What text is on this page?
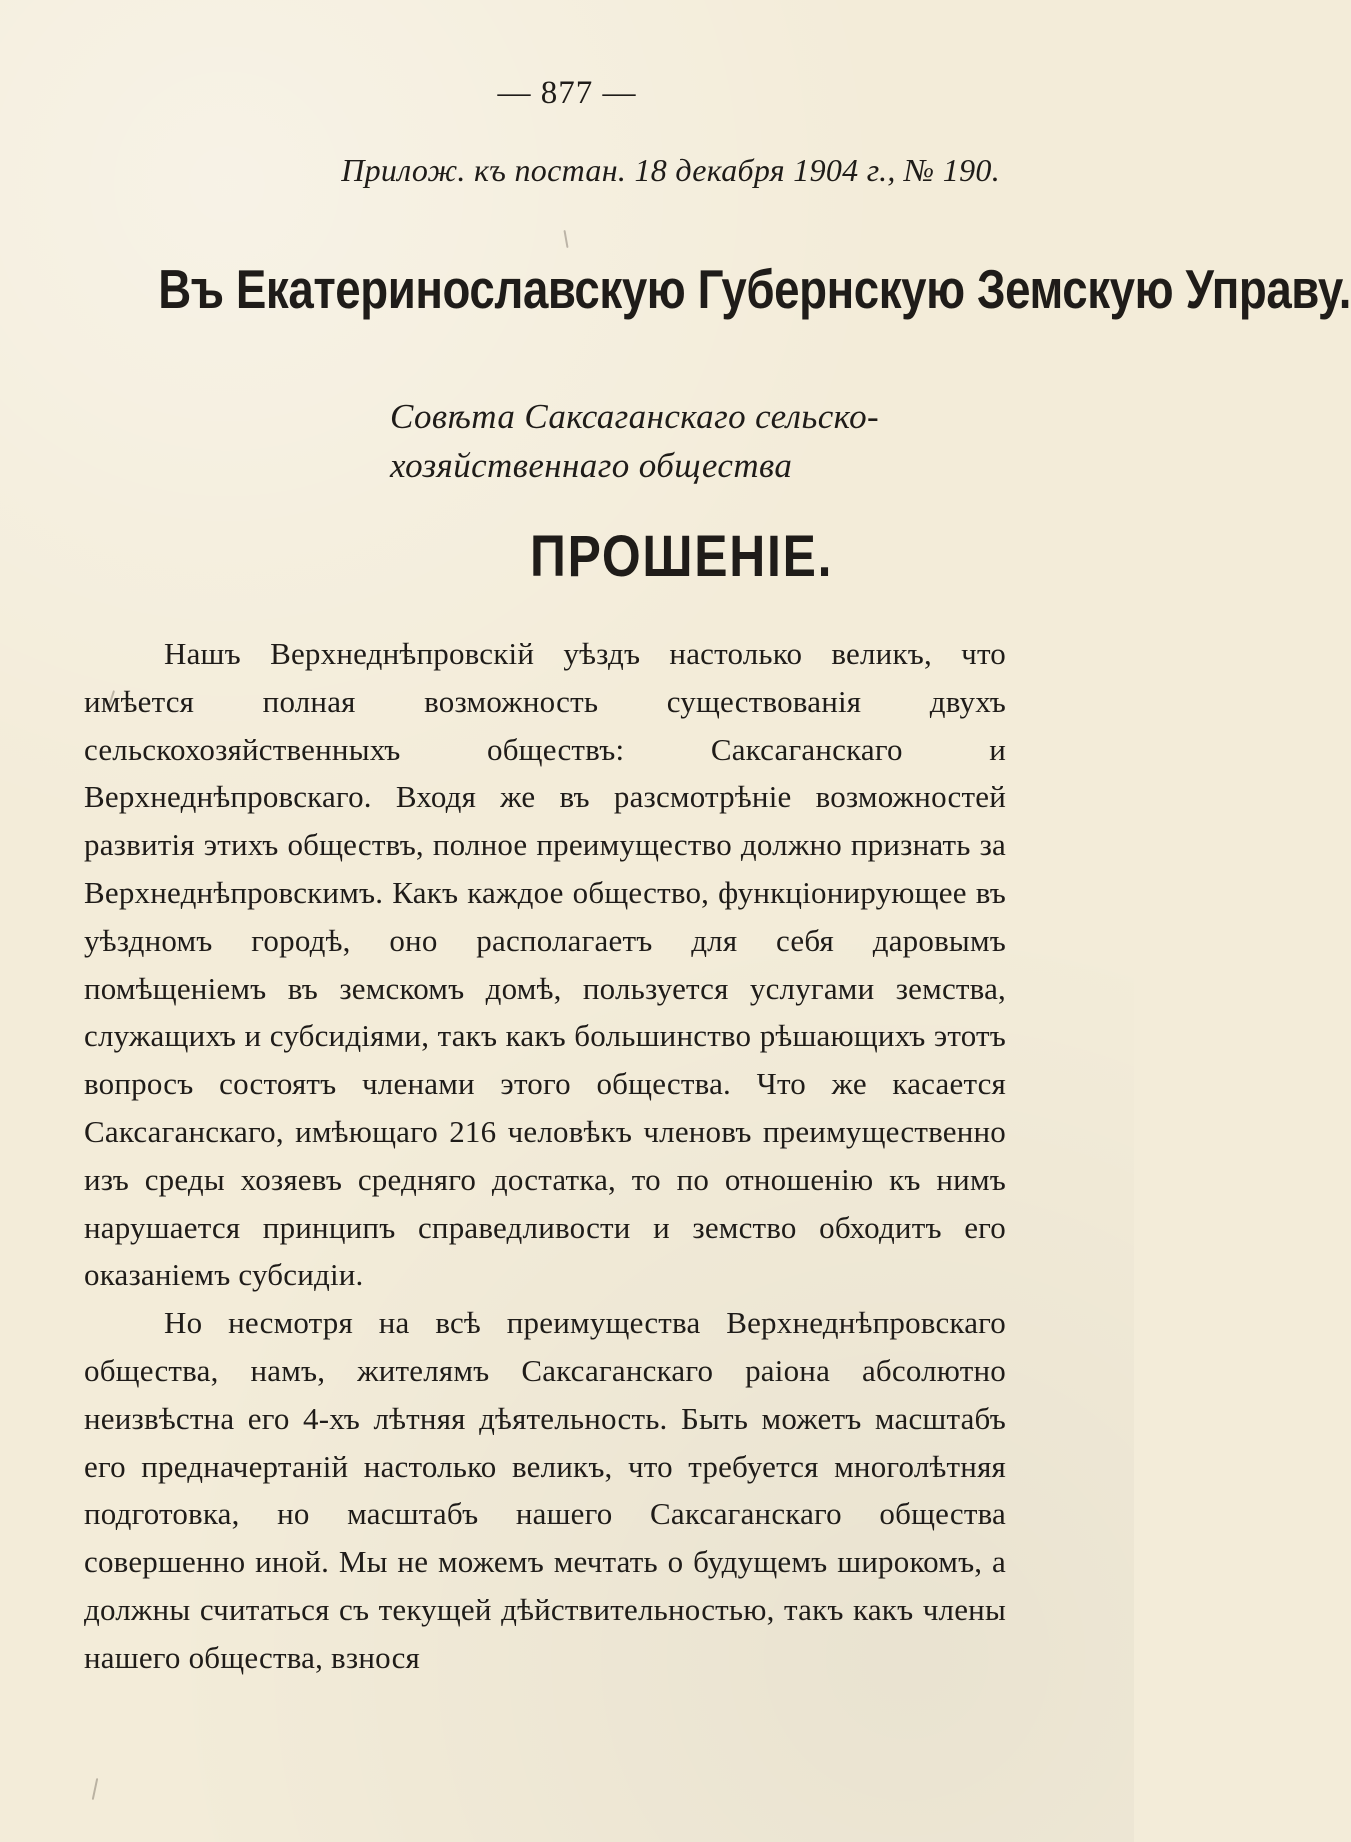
— 877 —
Прилож. къ постан. 18 декабря 1904 г., № 190.
Въ Екатеринославскую Губернскую Земскую Управу.
Совѣта Саксаганскаго сельско-
хозяйственнаго общества
ПРОШЕНІЕ.

Нашъ Верхнеднѣпровскій уѣздъ настолько великъ, что имѣется полная возможность существованія двухъ сельскохозяйственныхъ обществъ: Саксаганскаго и Верхнеднѣпровскаго. Входя же въ разсмотрѣніе возможностей развитія этихъ обществъ, полное преимущество должно признать за Верхнеднѣпровскимъ. Какъ каждое общество, функціонирующее въ уѣздномъ городѣ, оно располагаетъ для себя даровымъ помѣщеніемъ въ земскомъ домѣ, пользуется услугами земства, служащихъ и субсидіями, такъ какъ большинство рѣшающихъ этотъ вопросъ состоятъ членами этого общества. Что же касается Саксаганскаго, имѣющаго 216 человѣкъ членовъ преимущественно изъ среды хозяевъ средняго достатка, то по отношенію къ нимъ нарушается принципъ справедливости и земство обходитъ его оказаніемъ субсидіи.

Но несмотря на всѣ преимущества Верхнеднѣпровскаго общества, намъ, жителямъ Саксаганскаго раіона абсолютно неизвѣстна его 4-хъ лѣтняя дѣятельность. Быть можетъ масштабъ его предначертаній настолько великъ, что требуется многолѣтняя подготовка, но масштабъ нашего Саксаганскаго общества совершенно иной. Мы не можемъ мечтать о будущемъ широкомъ, а должны считаться съ текущей дѣйствительностью, такъ какъ члены нашего общества, взнося
